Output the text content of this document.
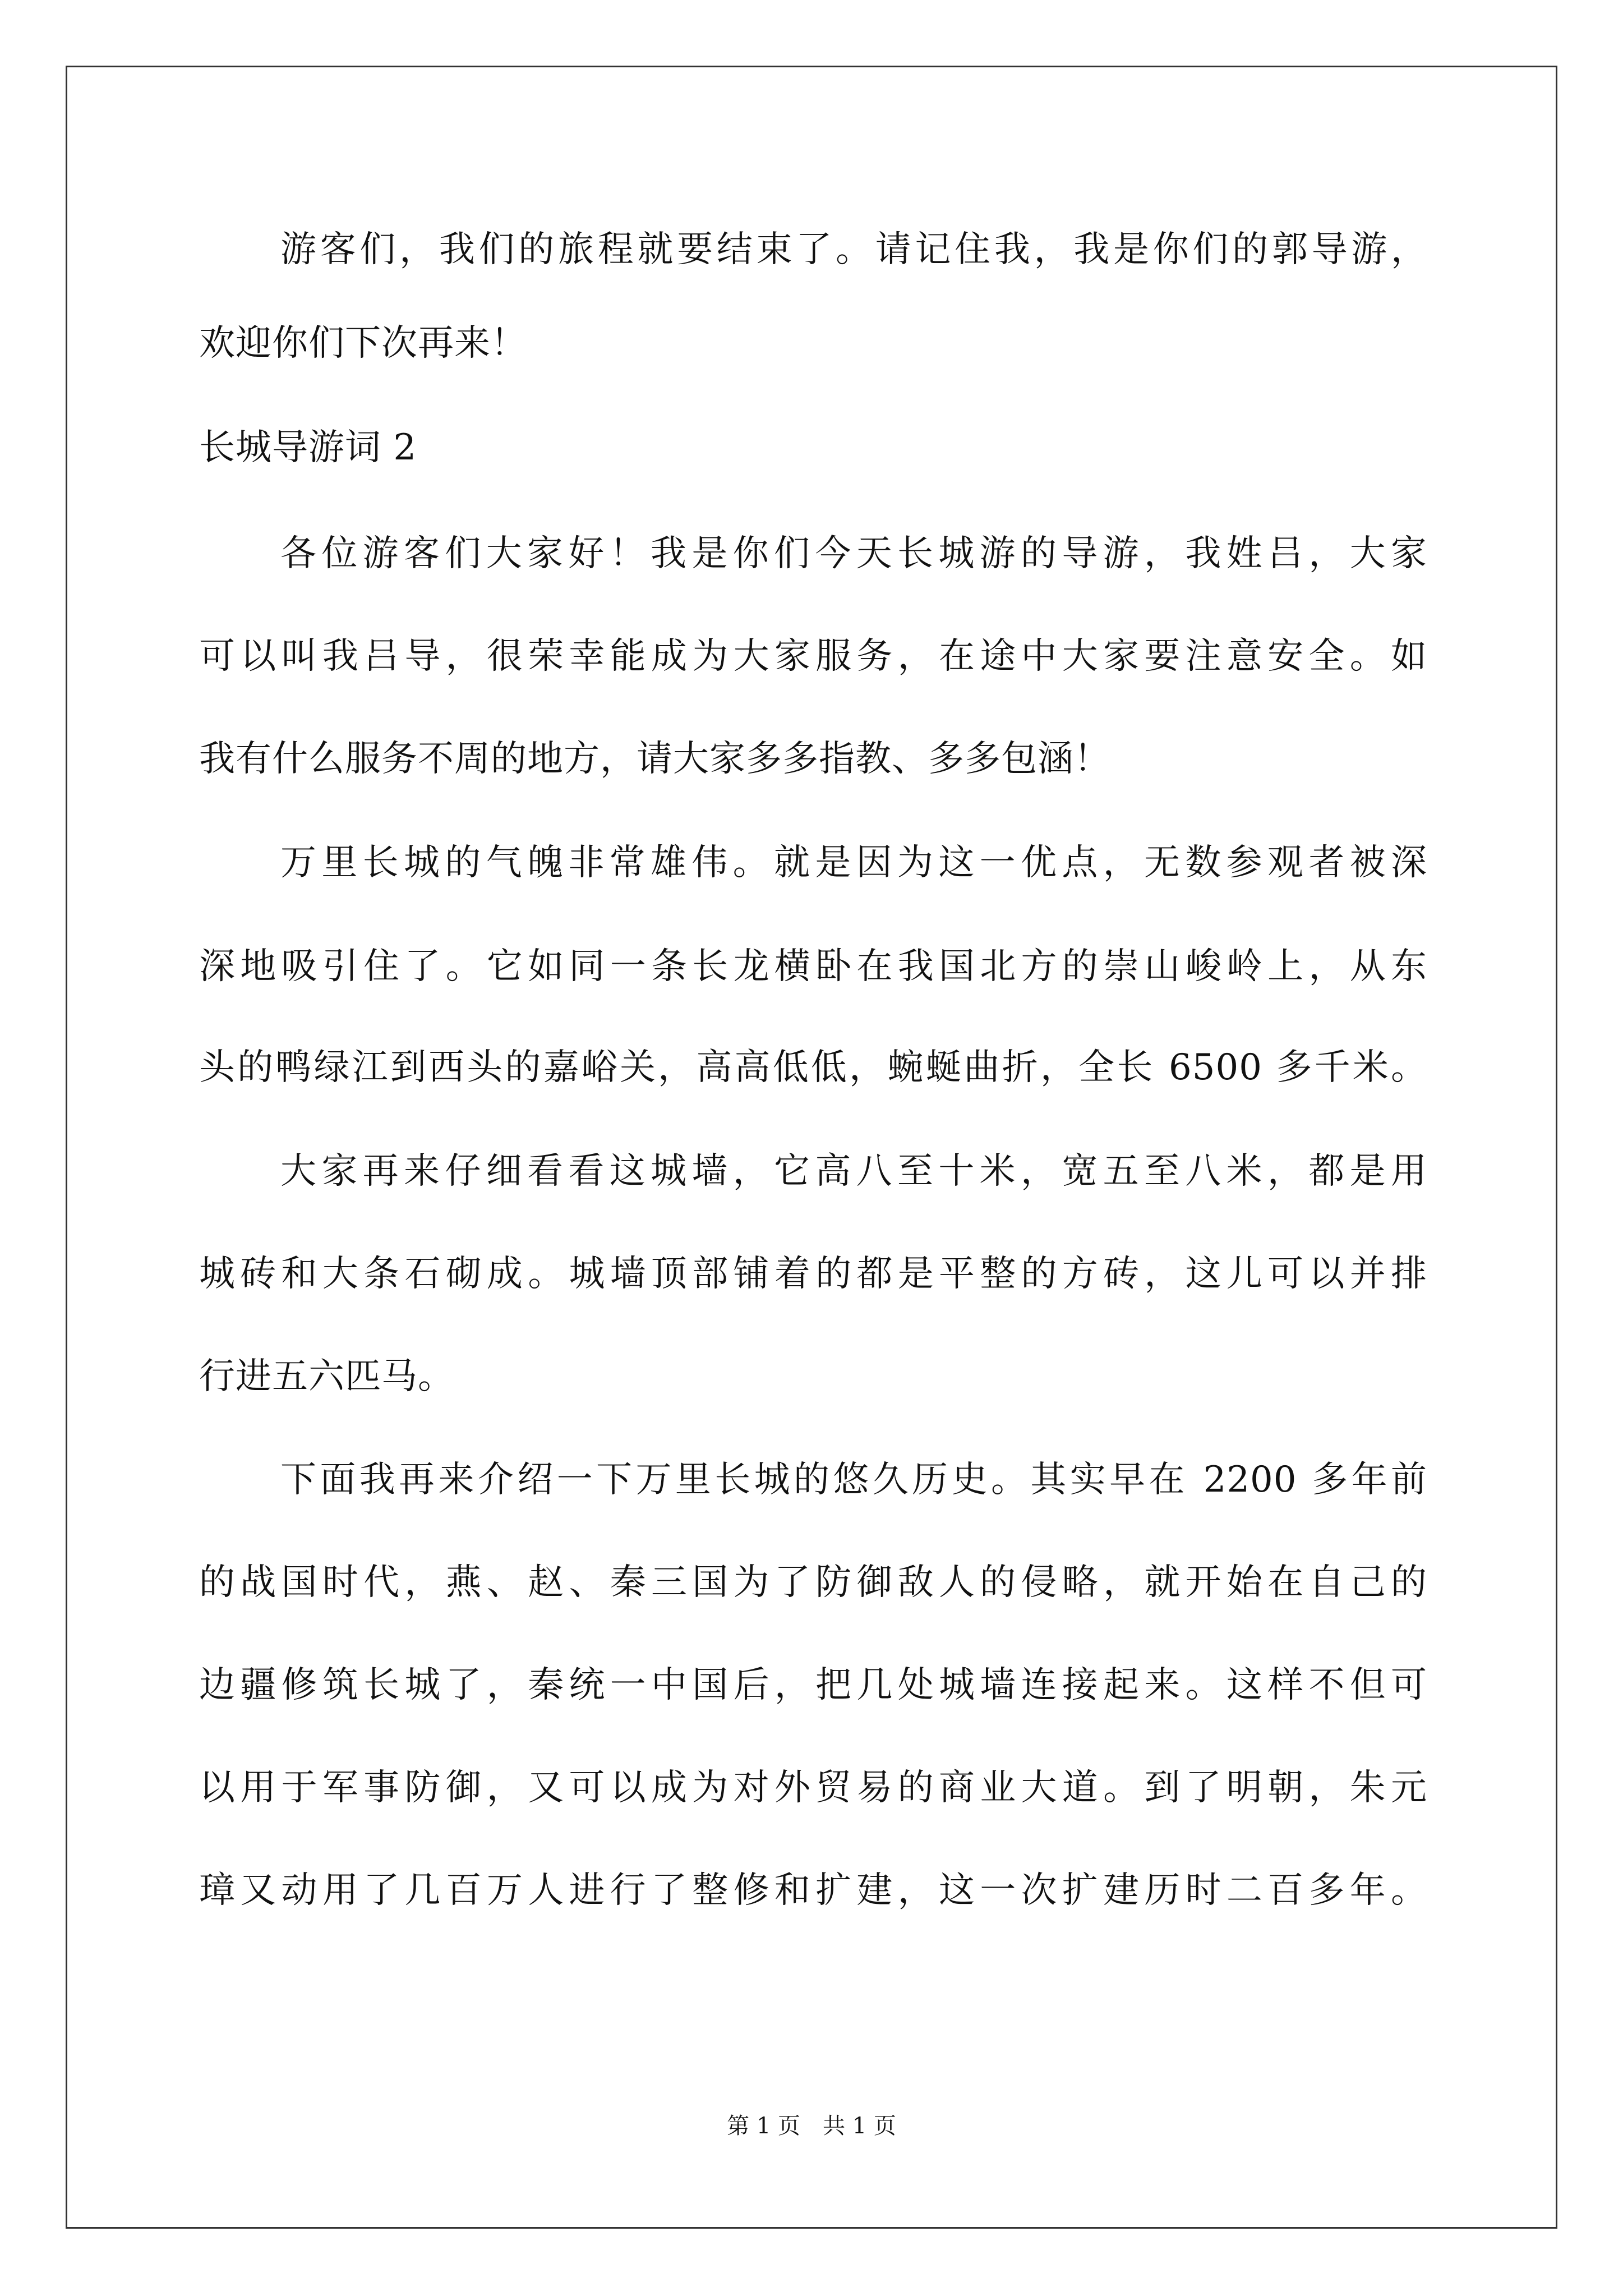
游客们，我们的旅程就要结束了。请记住我，我是你们的郭导游，
欢迎你们下次再来！
长城导游词 2
各位游客们大家好！我是你们今天长城游的导游，我姓吕，大家
可以叫我吕导，很荣幸能成为大家服务，在途中大家要注意安全。如
我有什么服务不周的地方，请大家多多指教、多多包涵！
万里长城的气魄非常雄伟。就是因为这一优点，无数参观者被深
深地吸引住了。它如同一条长龙横卧在我国北方的崇山峻岭上，从东
头的鸭绿江到西头的嘉峪关，高高低低，蜿蜒曲折，全长 6500 多千米。
大家再来仔细看看这城墙，它高八至十米，宽五至八米，都是用
城砖和大条石砌成。城墙顶部铺着的都是平整的方砖，这儿可以并排
行进五六匹马。
下面我再来介绍一下万里长城的悠久历史。其实早在 2200 多年前
的战国时代，燕、赵、秦三国为了防御敌人的侵略，就开始在自己的
边疆修筑长城了，秦统一中国后，把几处城墙连接起来。这样不但可
以用于军事防御，又可以成为对外贸易的商业大道。到了明朝，朱元
璋又动用了几百万人进行了整修和扩建，这一次扩建历时二百多年。
第 1 页 共 1 页
